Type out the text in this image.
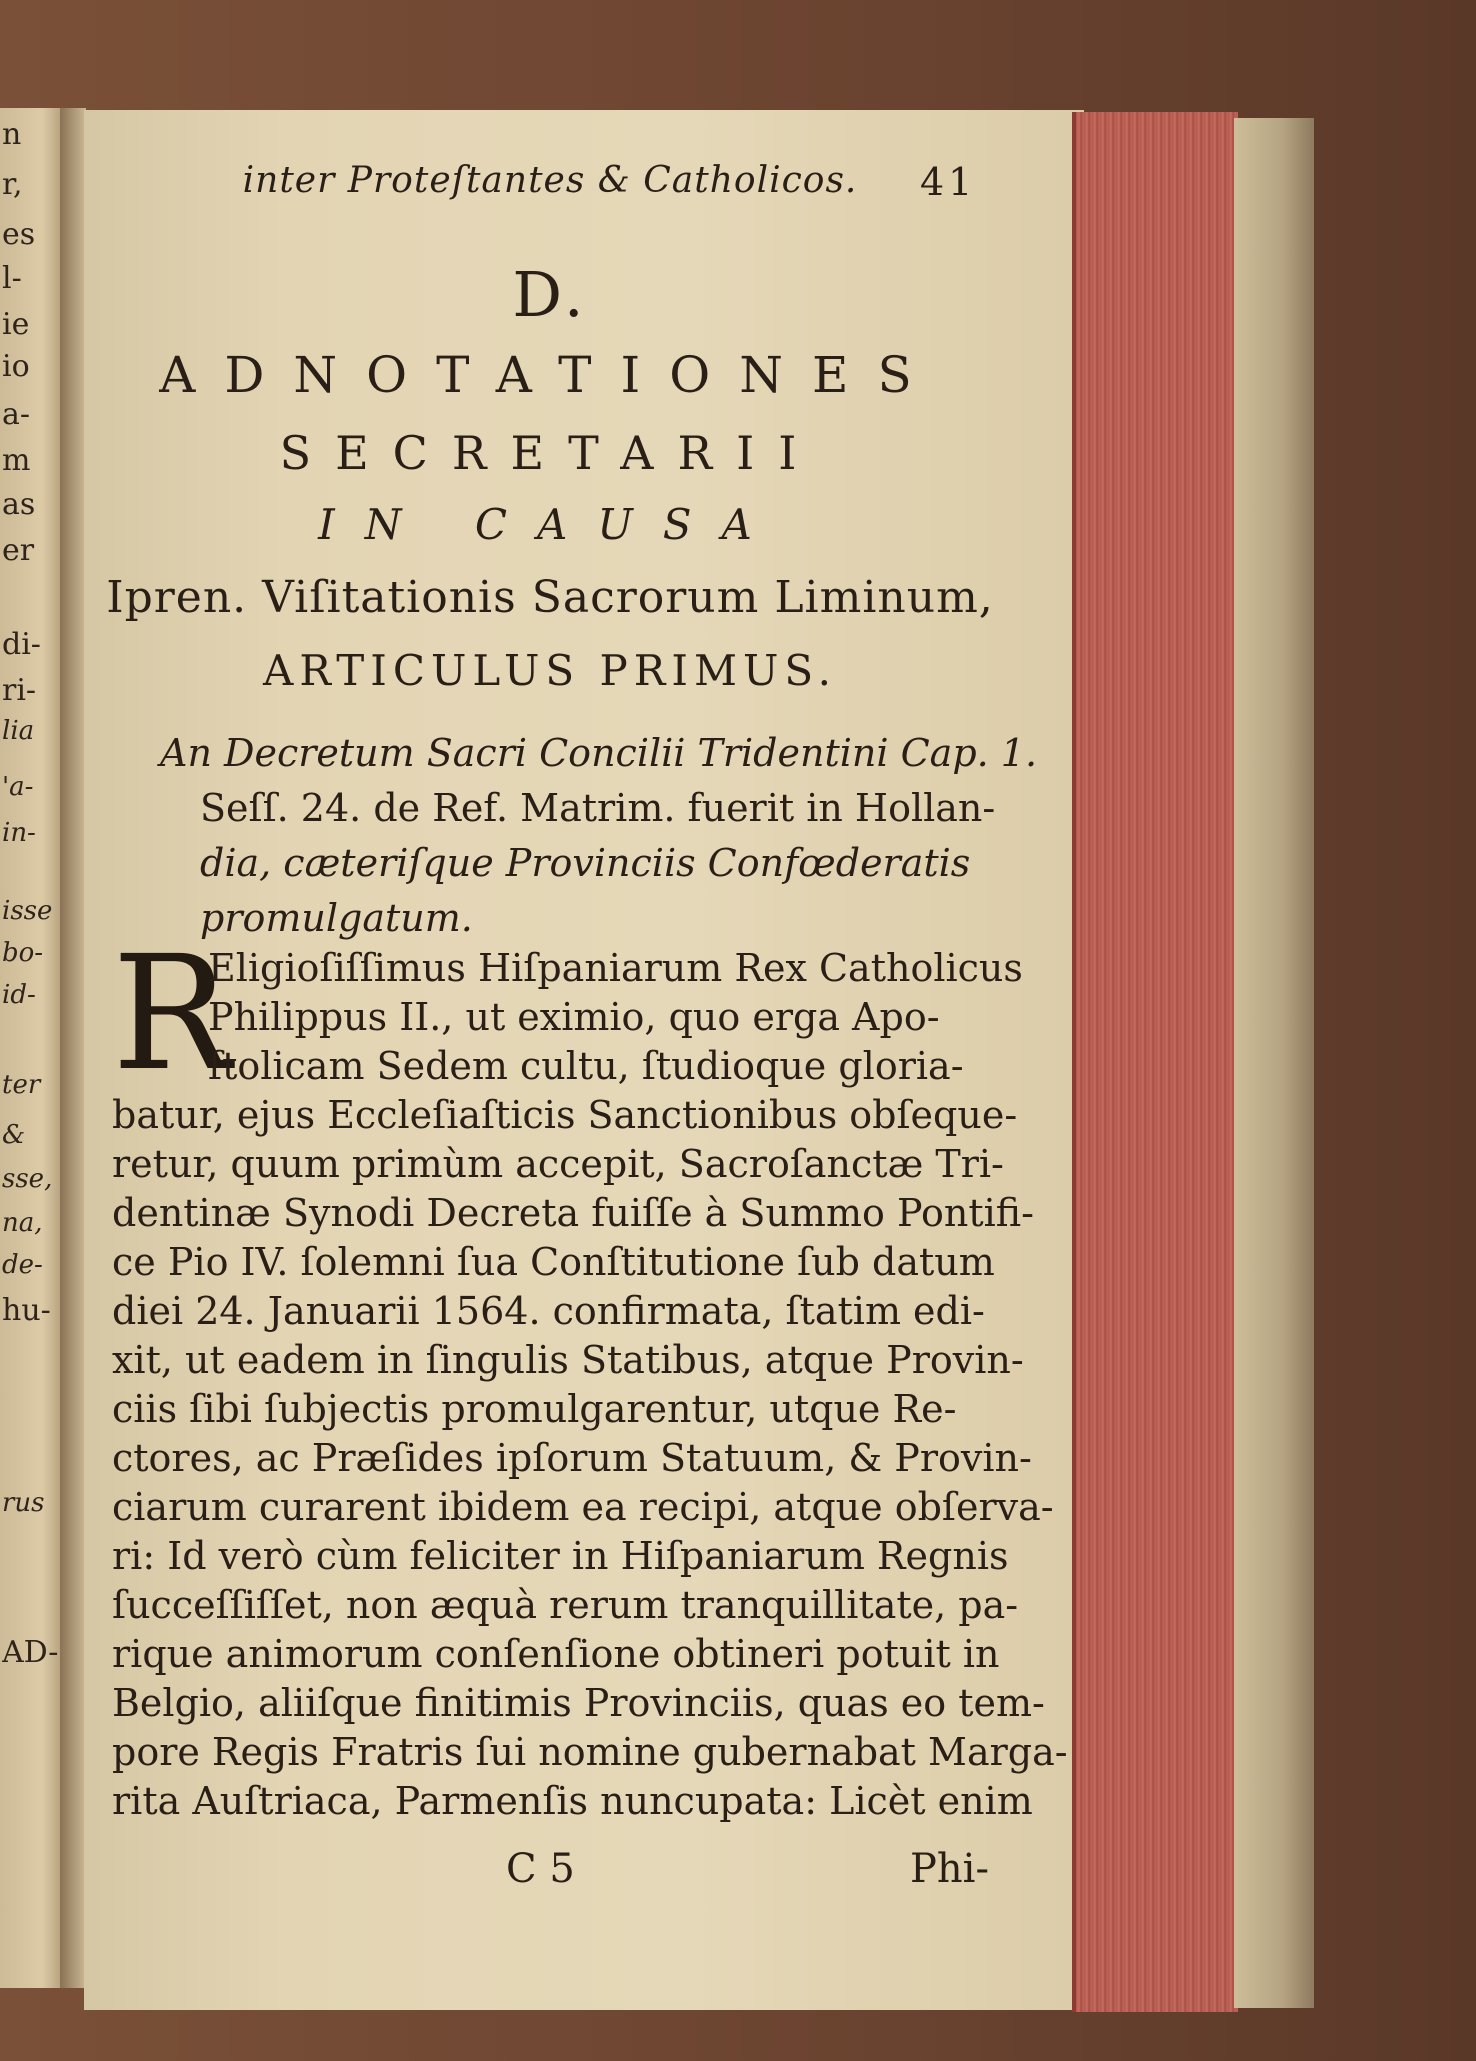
n
r,
es
l-
ie
io
a-
m
as
er
di-
ri-
lia
'a-
in-
isse
bo-
id-
ter
&
sse,
na,
de-
hu-
rus
AD-
inter Proteſtantes & Catholicos. 41
D.
ADNOTATIONES
SECRETARII
IN CAUSA
Ipren. Viſitationis Sacrorum Liminum,
ARTICULUS PRIMUS.
An Decretum Sacri Concilii Tridentini Cap. 1.
Seſſ. 24. de Ref. Matrim. fuerit in Hollan-
dia, cæteriſque Provinciis Confœderatis
promulgatum.
R
Eligioſiſſimus Hiſpaniarum Rex Catholicus
Philippus II., ut eximio, quo erga Apo-
ſtolicam Sedem cultu, ſtudioque gloria-
batur, ejus Eccleſiaſticis Sanctionibus obſeque-
retur, quum primùm accepit, Sacroſanctæ Tri-
dentinæ Synodi Decreta fuiſſe à Summo Pontifi-
ce Pio IV. ſolemni ſua Conſtitutione ſub datum
diei 24. Januarii 1564. confirmata, ſtatim edi-
xit, ut eadem in ſingulis Statibus, atque Provin-
ciis ſibi ſubjectis promulgarentur, utque Re-
ctores, ac Præſides ipſorum Statuum, & Provin-
ciarum curarent ibidem ea recipi, atque obſerva-
ri: Id verò cùm feliciter in Hiſpaniarum Regnis
ſucceſſiſſet, non æquà rerum tranquillitate, pa-
rique animorum conſenſione obtineri potuit in
Belgio, aliiſque finitimis Provinciis, quas eo tem-
pore Regis Fratris ſui nomine gubernabat Marga-
rita Auſtriaca, Parmenſis nuncupata: Licèt enim
C 5	Phi-
